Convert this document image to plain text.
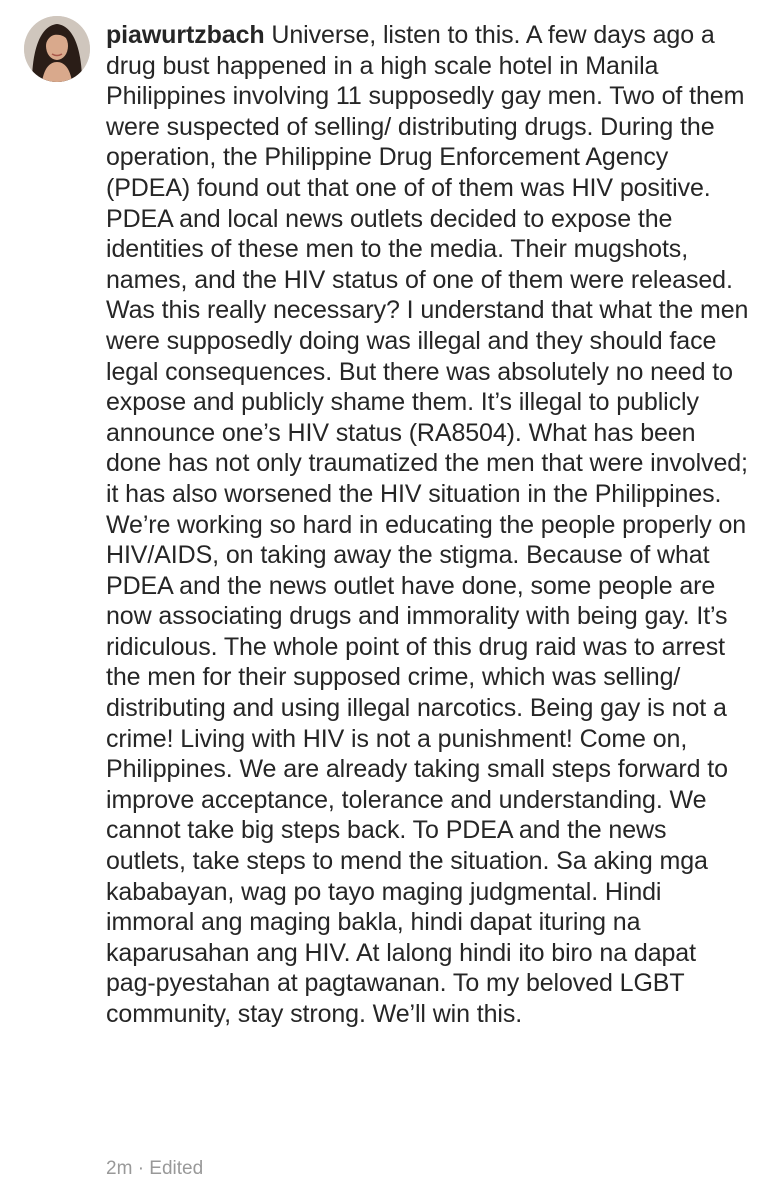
piawurtzbach Universe, listen to this. A few days ago a drug bust happened in a high scale hotel in Manila Philippines involving 11 supposedly gay men. Two of them were suspected of selling/ distributing drugs. During the operation, the Philippine Drug Enforcement Agency (PDEA) found out that one of of them was HIV positive. PDEA and local news outlets decided to expose the identities of these men to the media. Their mugshots, names, and the HIV status of one of them were released. Was this really necessary? I understand that what the men were supposedly doing was illegal and they should face legal consequences. But there was absolutely no need to expose and publicly shame them. It’s illegal to publicly announce one’s HIV status (RA8504). What has been done has not only traumatized the men that were involved; it has also worsened the HIV situation in the Philippines. We’re working so hard in educating the people properly on HIV/AIDS, on taking away the stigma. Because of what PDEA and the news outlet have done, some people are now associating drugs and immorality with being gay. It’s ridiculous. The whole point of this drug raid was to arrest the men for their supposed crime, which was selling/ distributing and using illegal narcotics. Being gay is not a crime! Living with HIV is not a punishment! Come on, Philippines. We are already taking small steps forward to improve acceptance, tolerance and understanding. We cannot take big steps back. To PDEA and the news outlets, take steps to mend the situation. Sa aking mga kababayan, wag po tayo maging judgmental. Hindi immoral ang maging bakla, hindi dapat ituring na kaparusahan ang HIV. At lalong hindi ito biro na dapat pag-pyestahan at pagtawanan. To my beloved LGBT community, stay strong. We’ll win this.
2m · Edited
